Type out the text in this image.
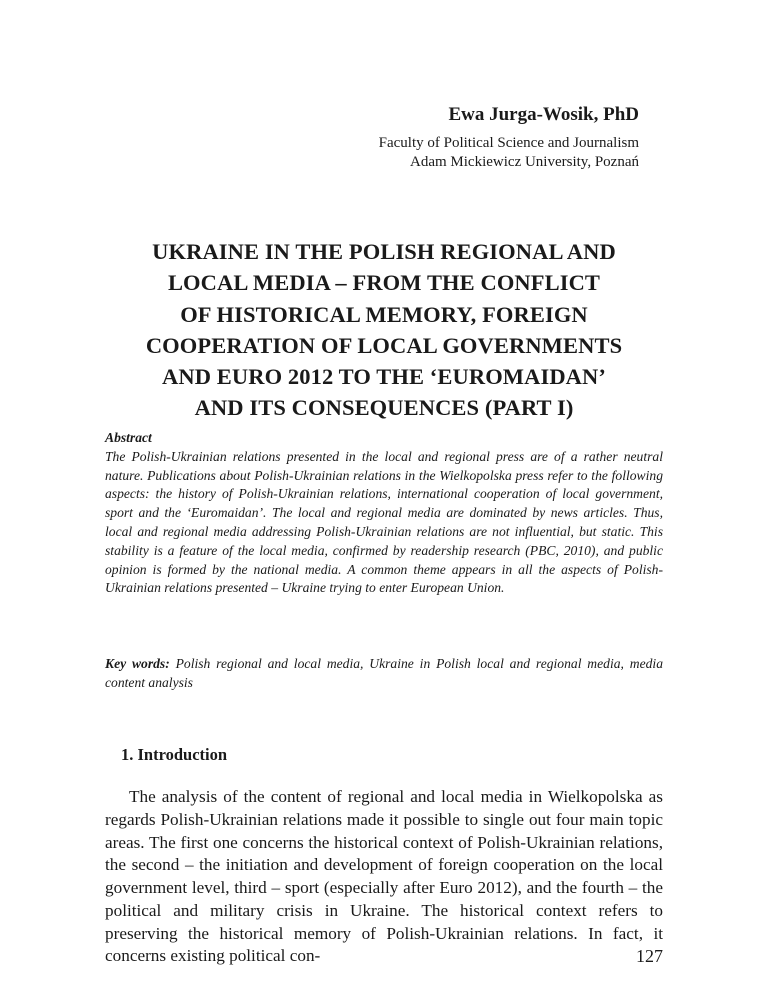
Ewa Jurga-Wosik, PhD
Faculty of Political Science and Journalism
Adam Mickiewicz University, Poznań
UKRAINE IN THE POLISH REGIONAL AND
LOCAL MEDIA – FROM THE CONFLICT
OF HISTORICAL MEMORY, FOREIGN
COOPERATION OF LOCAL GOVERNMENTS
AND EURO 2012 TO THE ‘EUROMAIDAN’
AND ITS CONSEQUENCES (PART I)
Abstract

The Polish-Ukrainian relations presented in the local and regional press are of a rather neutral nature. Publications about Polish-Ukrainian relations in the Wielkopolska press refer to the following aspects: the history of Polish-Ukrainian relations, international cooperation of local government, sport and the ‘Euromaidan’. The local and regional media are dominated by news articles. Thus, local and regional media addressing Polish-Ukrainian relations are not influential, but static. This stability is a feature of the local media, confirmed by readership research (PBC, 2010), and public opinion is formed by the national media. A common theme appears in all the aspects of Polish-Ukrainian relations presented – Ukraine trying to enter European Union.

Key words: Polish regional and local media, Ukraine in Polish local and regional media, media content analysis
1. Introduction

The analysis of the content of regional and local media in Wielkopolska as regards Polish-Ukrainian relations made it possible to single out four main topic areas. The first one concerns the historical context of Polish-Ukrainian relations, the second – the initiation and development of foreign cooperation on the local government level, third – sport (especially after Euro 2012), and the fourth – the political and military crisis in Ukraine. The historical context refers to preserving the historical memory of Polish-Ukrainian relations. In fact, it concerns existing political con-	127
